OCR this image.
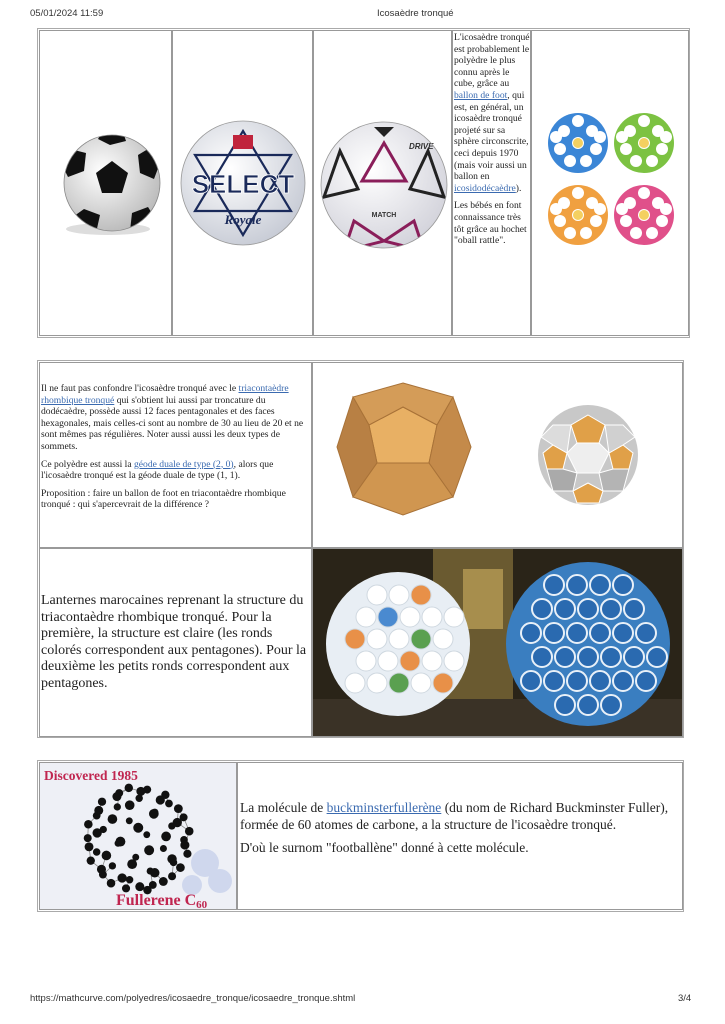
05/01/2024 11:59	Icosaèdre tronqué
SELECT
Royale
DRIVE
MATCH

L'icosaèdre tronqué est probablement le polyèdre le plus connu après le cube, grâce au ballon de foot, qui est, en général, un icosaèdre tronqué projeté sur sa sphère circonscrite, ceci depuis 1970 (mais voir aussi un ballon en icosidodécaèdre).

Les bébés en font connaissance très tôt grâce au hochet "oball rattle".

Il ne faut pas confondre l'icosaèdre tronqué avec le triacontaèdre rhombique tronqué qui s'obtient lui aussi par troncature du dodécaèdre, possède aussi 12 faces pentagonales et des faces hexagonales, mais celles-ci sont au nombre de 30 au lieu de 20 et ne sont mêmes pas régulières. Noter aussi aussi les deux types de sommets.

Ce polyèdre est aussi la géode duale de type (2, 0), alors que l'icosaèdre tronqué est la géode duale de type (1, 1).

Proposition : faire un ballon de foot en triacontaèdre rhombique tronqué : qui s'apercevrait de la différence ?

Lanternes marocaines reprenant la structure du triacontaèdre rhombique tronqué. Pour la première, la structure est claire (les ronds colorés correspondent aux pentagones). Pour la deuxième les petits ronds correspondent aux pentagones.

Discovered 1985
Fullerene C60

La molécule de buckminsterfullerène (du nom de Richard Buckminster Fuller), formée de 60 atomes de carbone, a la structure de l'icosaèdre tronqué.

D'où le surnom "footballène" donné à cette molécule.

https://mathcurve.com/polyedres/icosaedre_tronque/icosaedre_tronque.shtml	3/4
